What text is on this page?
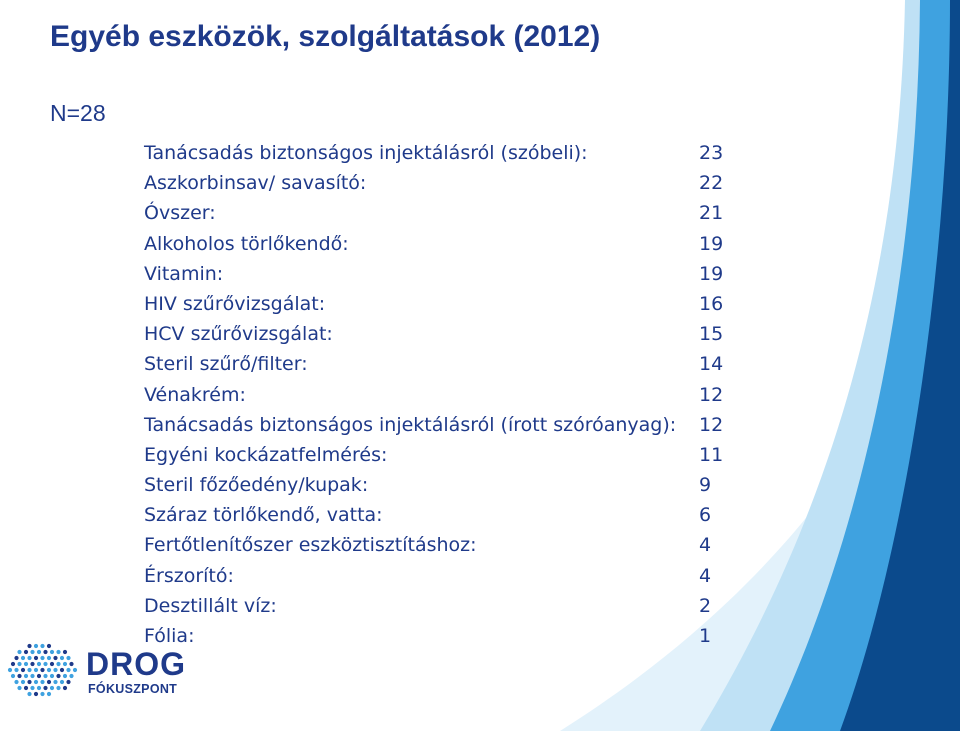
Egyéb eszközök, szolgáltatások (2012)
N=28
Tanácsadás biztonságos injektálásról (szóbeli):	23
Aszkorbinsav/ savasító:	22
Óvszer:	21
Alkoholos törlőkendő:	19
Vitamin:	19
HIV szűrővizsgálat:	16
HCV szűrővizsgálat:	15
Steril szűrő/filter:	14
Vénakrém:	12
Tanácsadás biztonságos injektálásról (írott szóróanyag): 12
Egyéni kockázatfelmérés:	11
Steril főzőedény/kupak:	9
Száraz törlőkendő, vatta:	6
Fertőtlenítőszer eszköztisztításhoz:	4
Érszorító:	4
Desztillált víz:	2
Fólia:	1
DROG
FÓKUSZPONT
